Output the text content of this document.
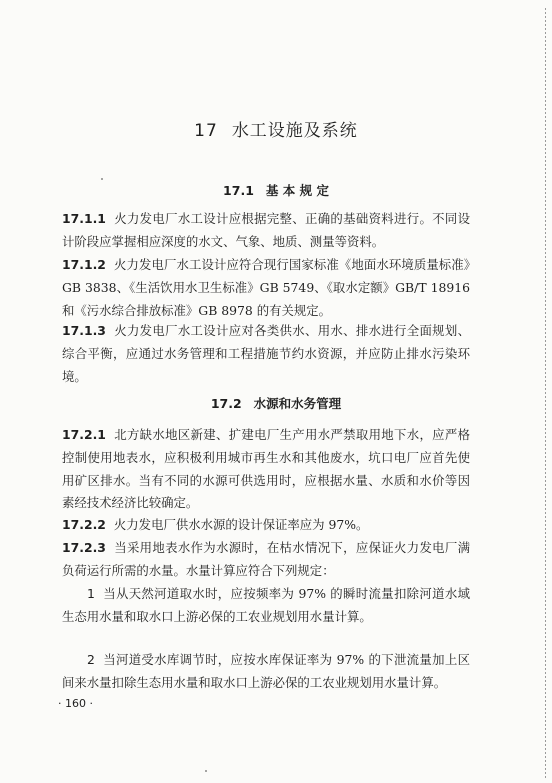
17 水工设施及系统
17.1 基 本 规 定
17.1.1 火力发电厂水工设计应根据完整、正确的基础资料进行。不同设计阶段应掌握相应深度的水文、气象、地质、测量等资料。
17.1.2 火力发电厂水工设计应符合现行国家标准《地面水环境质量标准》GB 3838、《生活饮用水卫生标准》GB 5749、《取水定额》GB/T 18916 和《污水综合排放标准》GB 8978 的有关规定。
17.1.3 火力发电厂水工设计应对各类供水、用水、排水进行全面规划、综合平衡，应通过水务管理和工程措施节约水资源，并应防止排水污染环境。
17.2 水源和水务管理
17.2.1 北方缺水地区新建、扩建电厂生产用水严禁取用地下水，应严格控制使用地表水，应积极利用城市再生水和其他废水，坑口电厂应首先使用矿区排水。当有不同的水源可供选用时，应根据水量、水质和水价等因素经技术经济比较确定。
17.2.2 火力发电厂供水水源的设计保证率应为 97%。
17.2.3 当采用地表水作为水源时，在枯水情况下，应保证火力发电厂满负荷运行所需的水量。水量计算应符合下列规定：
1 当从天然河道取水时，应按频率为 97% 的瞬时流量扣除河道水域生态用水量和取水口上游必保的工农业规划用水量计算。
2 当河道受水库调节时，应按水库保证率为 97% 的下泄流量加上区间来水量扣除生态用水量和取水口上游必保的工农业规划用水量计算。
· 160 ·
